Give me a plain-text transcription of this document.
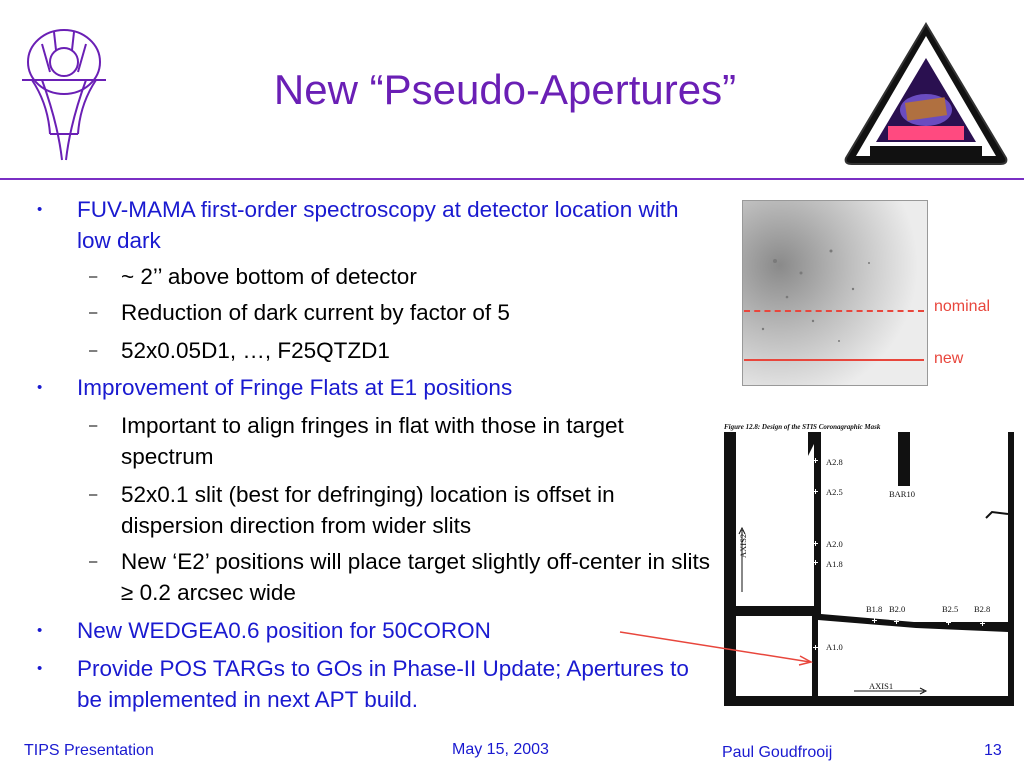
New “Pseudo-Apertures”
• FUV-MAMA first-order spectroscopy at detector location with low dark
– ~ 2’’ above bottom of detector
– Reduction of dark current by factor of 5
– 52x0.05D1, …, F25QTZD1
• Improvement of Fringe Flats at E1 positions
– Important to align fringes in flat with those in target spectrum
– 52x0.1 slit (best for defringing) location is offset in dispersion direction from wider slits
– New ‘E2’ positions will place target slightly off-center in slits ≥ 0.2 arcsec wide
• New WEDGEA0.6 position for 50CORON
• Provide POS TARGs to GOs in Phase-II Update; Apertures to be implemented in next APT build.
nominal
new
Figure 12.8: Design of the STIS Coronagraphic Mask
A2.8
A2.5	BAR10
A2.0
A1.8
AXIS2
B1.0	B1.8 B2.0	B2.5 B2.8
A1.0
AXIS1
TIPS Presentation	May 15, 2003	Paul Goudfrooij	13
